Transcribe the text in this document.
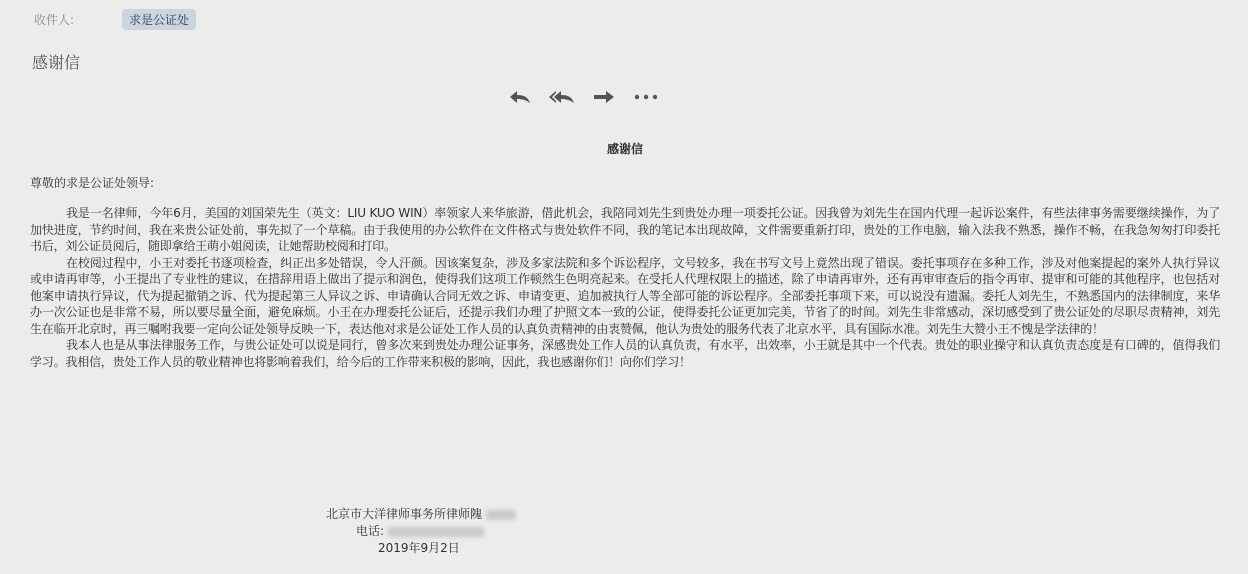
收件人:	求是公证处
感谢信
感谢信
尊敬的求是公证处领导:

我是一名律师，今年6月，美国的刘国荣先生（英文：LIU KUO WIN）率领家人来华旅游，借此机会，我陪同刘先生到贵处办理一项委托公证。因我曾为刘先生在国内代理一起诉讼案件，有些法律事务需要继续操作，为了加快进度，节约时间，我在来贵公证处前，事先拟了一个草稿。由于我使用的办公软件在文件格式与贵处软件不同，我的笔记本出现故障，文件需要重新打印，贵处的工作电脑，输入法我不熟悉，操作不畅，在我急匆匆打印委托书后，刘公证员阅后，随即拿给王萌小姐阅读，让她帮助校阅和打印。

在校阅过程中，小王对委托书逐项检查，纠正出多处错误，令人汗颜。因该案复杂，涉及多家法院和多个诉讼程序，文号较多，我在书写文号上竟然出现了错误。委托事项存在多种工作，涉及对他案提起的案外人执行异议或申请再审等，小王提出了专业性的建议，在措辞用语上做出了提示和润色，使得我们这项工作顿然生色明亮起来。在受托人代理权限上的描述，除了申请再审外，还有再审审查后的指令再审、提审和可能的其他程序，也包括对他案申请执行异议，代为提起撤销之诉、代为提起第三人异议之诉、申请确认合同无效之诉、申请变更、追加被执行人等全部可能的诉讼程序。全部委托事项下来，可以说没有遗漏。委托人刘先生，不熟悉国内的法律制度，来华办一次公证也是非常不易，所以要尽量全面，避免麻烦。小王在办理委托公证后，还提示我们办理了护照文本一致的公证，使得委托公证更加完美，节省了的时间。刘先生非常感动，深切感受到了贵公证处的尽职尽责精神，刘先生在临开北京时，再三嘱咐我要一定向公证处领导反映一下，表达他对求是公证处工作人员的认真负责精神的由衷赞佩，他认为贵处的服务代表了北京水平，具有国际水准。刘先生大赞小王不愧是学法律的！

我本人也是从事法律服务工作，与贵公证处可以说是同行，曾多次来到贵处办理公证事务，深感贵处工作人员的认真负责，有水平，出效率，小王就是其中一个代表。贵处的职业操守和认真负责态度是有口碑的，值得我们学习。我相信，贵处工作人员的敬业精神也将影响着我们，给今后的工作带来积极的影响，因此，我也感谢你们！向你们学习！

北京市大洋律师事务所律师隗
电话:
2019年9月2日
